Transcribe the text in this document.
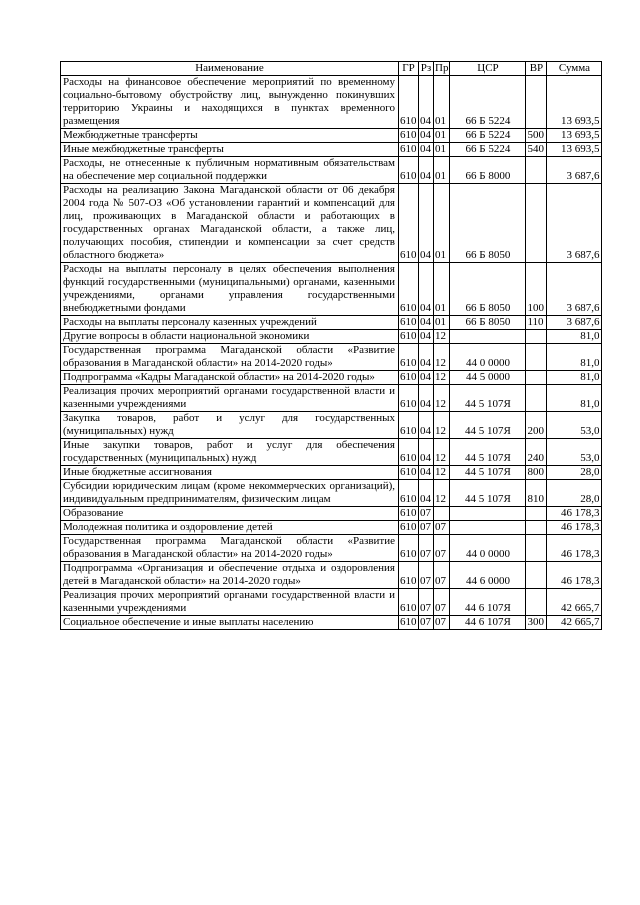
Наименование	ГР	Рз	Пр	ЦСР	ВР	Сумма
Расходы на финансовое обеспечение мероприятий по временному социально-бытовому обустройству лиц, вынужденно покинувших территорию Украины и находящихся в пунктах временного размещения	610	04	01	66 Б 5224		13 693,5
Межбюджетные трансферты	610	04	01	66 Б 5224	500	13 693,5
Иные межбюджетные трансферты	610	04	01	66 Б 5224	540	13 693,5
Расходы, не отнесенные к публичным нормативным обязательствам на обеспечение мер социальной поддержки	610	04	01	66 Б 8000		3 687,6
Расходы на реализацию Закона Магаданской области от 06 декабря 2004 года № 507-ОЗ «Об установлении гарантий и компенсаций для лиц, проживающих в Магаданской области и работающих в государственных органах Магаданской области, а также лиц, получающих пособия, стипендии и компенсации за счет средств областного бюджета»	610	04	01	66 Б 8050		3 687,6
Расходы на выплаты персоналу в целях обеспечения выполнения функций государственными (муниципальными) органами, казенными учреждениями, органами управления государственными внебюджетными фондами	610	04	01	66 Б 8050	100	3 687,6
Расходы на выплаты персоналу казенных учреждений	610	04	01	66 Б 8050	110	3 687,6
Другие вопросы в области национальной экономики	610	04	12			81,0
Государственная программа Магаданской области «Развитие образования в Магаданской области» на 2014-2020 годы»	610	04	12	44 0 0000		81,0
Подпрограмма «Кадры Магаданской области» на 2014-2020 годы»	610	04	12	44 5 0000		81,0
Реализация прочих мероприятий органами государственной власти и казенными учреждениями	610	04	12	44 5 107Я		81,0
Закупка товаров, работ и услуг для государственных (муниципальных) нужд	610	04	12	44 5 107Я	200	53,0
Иные закупки товаров, работ и услуг для обеспечения государственных (муниципальных) нужд	610	04	12	44 5 107Я	240	53,0
Иные бюджетные ассигнования	610	04	12	44 5 107Я	800	28,0
Субсидии юридическим лицам (кроме некоммерческих организаций), индивидуальным предпринимателям, физическим лицам	610	04	12	44 5 107Я	810	28,0
Образование	610	07				46 178,3
Молодежная политика и оздоровление детей	610	07	07			46 178,3
Государственная программа Магаданской области «Развитие образования в Магаданской области» на 2014-2020 годы»	610	07	07	44 0 0000		46 178,3
Подпрограмма «Организация и обеспечение отдыха и оздоровления детей в Магаданской области» на 2014-2020 годы»	610	07	07	44 6 0000		46 178,3
Реализация прочих мероприятий органами государственной власти и казенными учреждениями	610	07	07	44 6 107Я		42 665,7
Социальное обеспечение и иные выплаты населению	610	07	07	44 6 107Я	300	42 665,7
